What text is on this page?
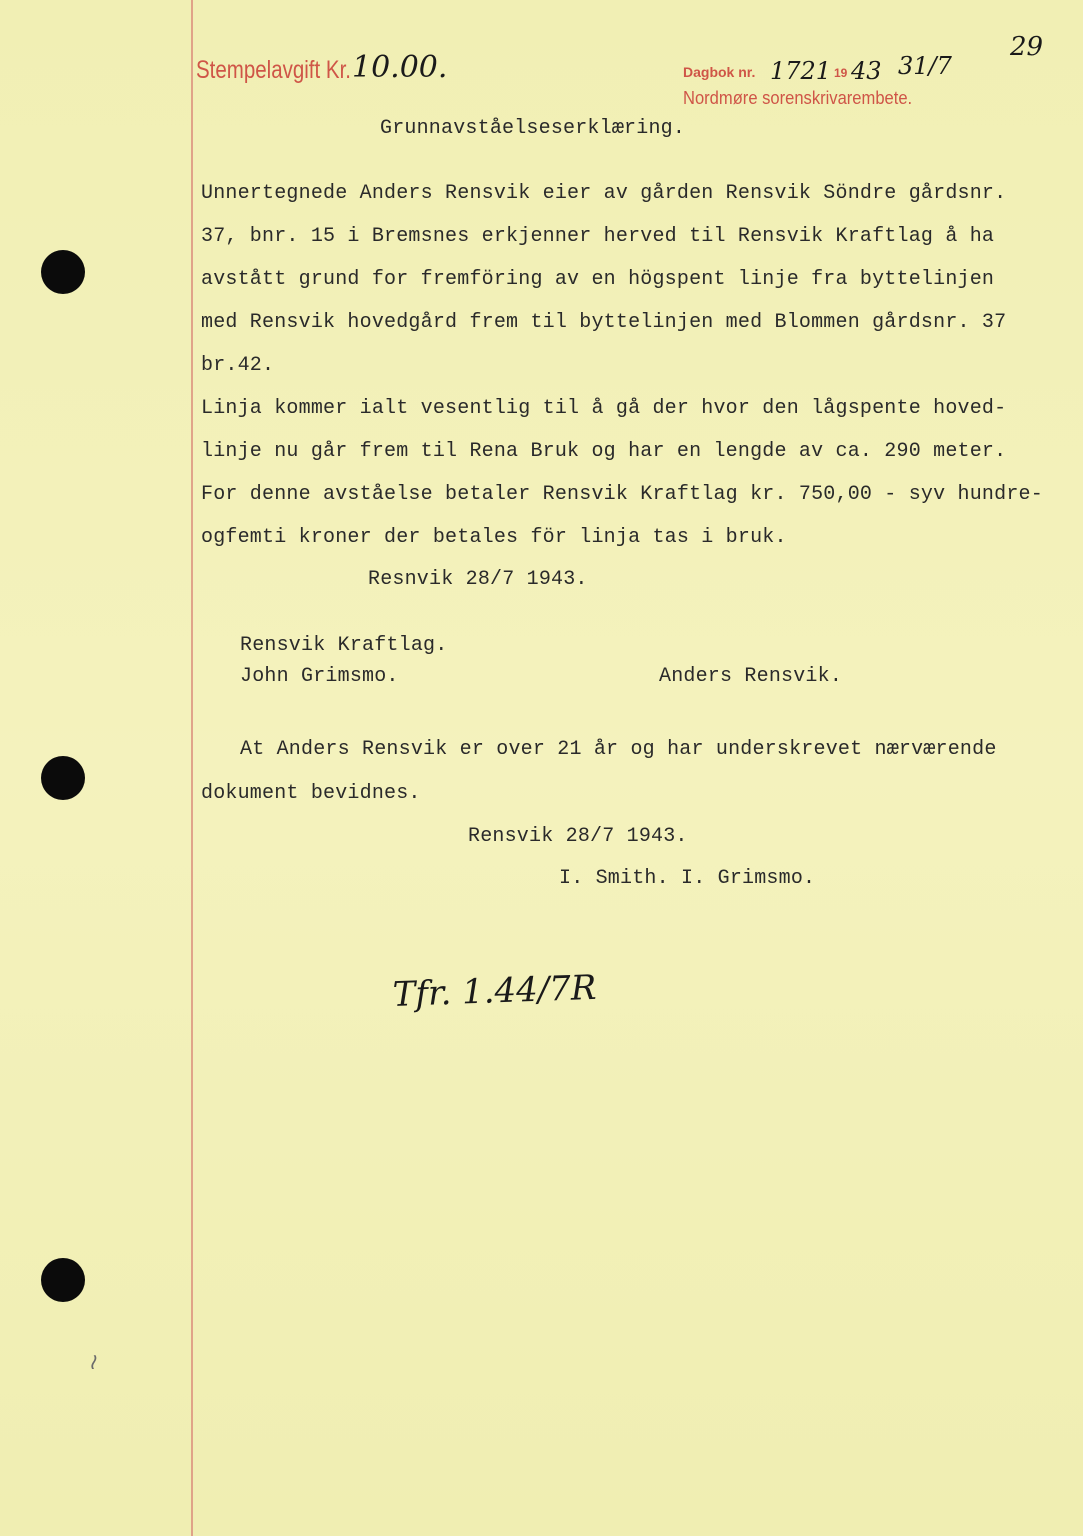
Stempelavgift Kr. 10.00.	Dagbok nr. 1721 19 43 31/7
Nordmøre sorenskrivarembete.
29
Grunnavståelseserklæring.
Unnertegnede Anders Rensvik eier av gården Rensvik Söndre gårdsnr.
37, bnr. 15 i Bremsnes erkjenner herved til Rensvik Kraftlag å ha
avstått grund for fremföring av en högspent linje fra byttelinjen
med Rensvik hovedgård frem til byttelinjen med Blommen gårdsnr. 37
br.42.
Linja kommer ialt vesentlig til å gå der hvor den lågspente hoved-
linje nu går frem til Rena Bruk og har en lengde av ca. 290 meter.
For denne avståelse betaler Rensvik Kraftlag kr. 750,00 - syv hundre-
ogfemti kroner der betales för linja tas i bruk.
Resnvik 28/7 1943.
Rensvik Kraftlag.
John Grimsmo.	Anders Rensvik.
At Anders Rensvik er over 21 år og har underskrevet nærværende
dokument bevidnes.
Rensvik 28/7 1943.
I. Smith. I. Grimsmo.
Tfr. 1.44/7R
≀
